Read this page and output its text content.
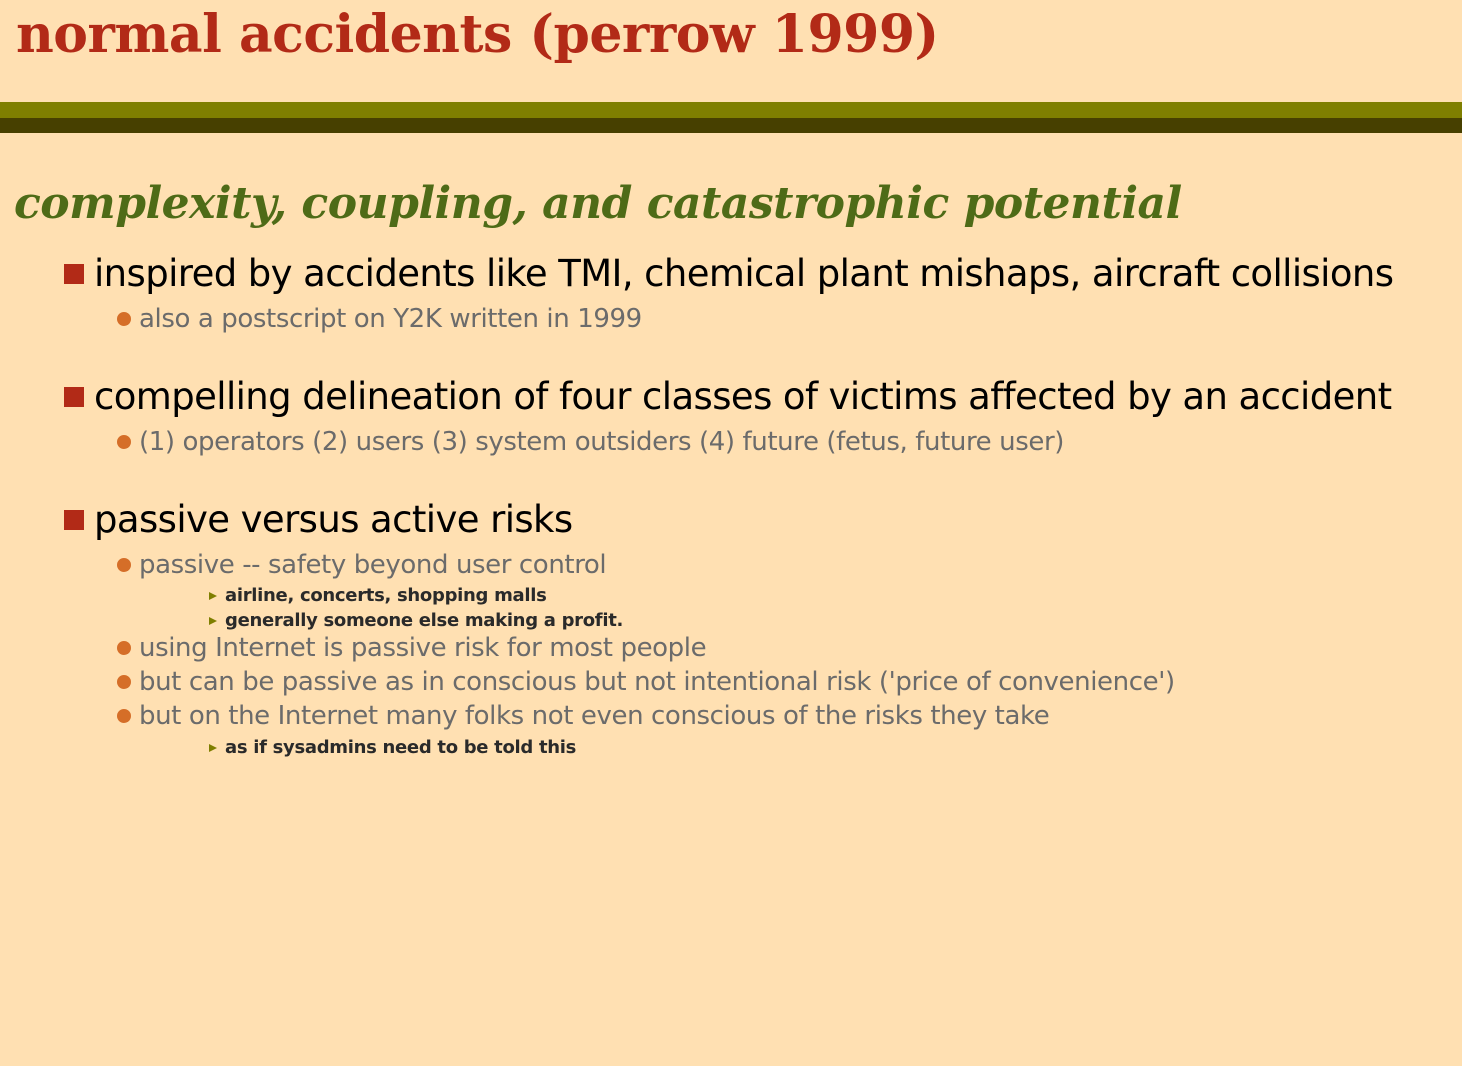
normal accidents (perrow 1999)
complexity, coupling, and catastrophic potential
inspired by accidents like TMI, chemical plant mishaps, aircraft collisions
also a postscript on Y2K written in 1999
compelling delineation of four classes of victims affected by an accident
(1) operators (2) users (3) system outsiders (4) future (fetus, future user)
passive versus active risks
passive -- safety beyond user control
airline, concerts, shopping malls
generally someone else making a profit.
using Internet is passive risk for most people
but can be passive as in conscious but not intentional risk ('price of convenience')
but on the Internet many folks not even conscious of the risks they take
as if sysadmins need to be told this
